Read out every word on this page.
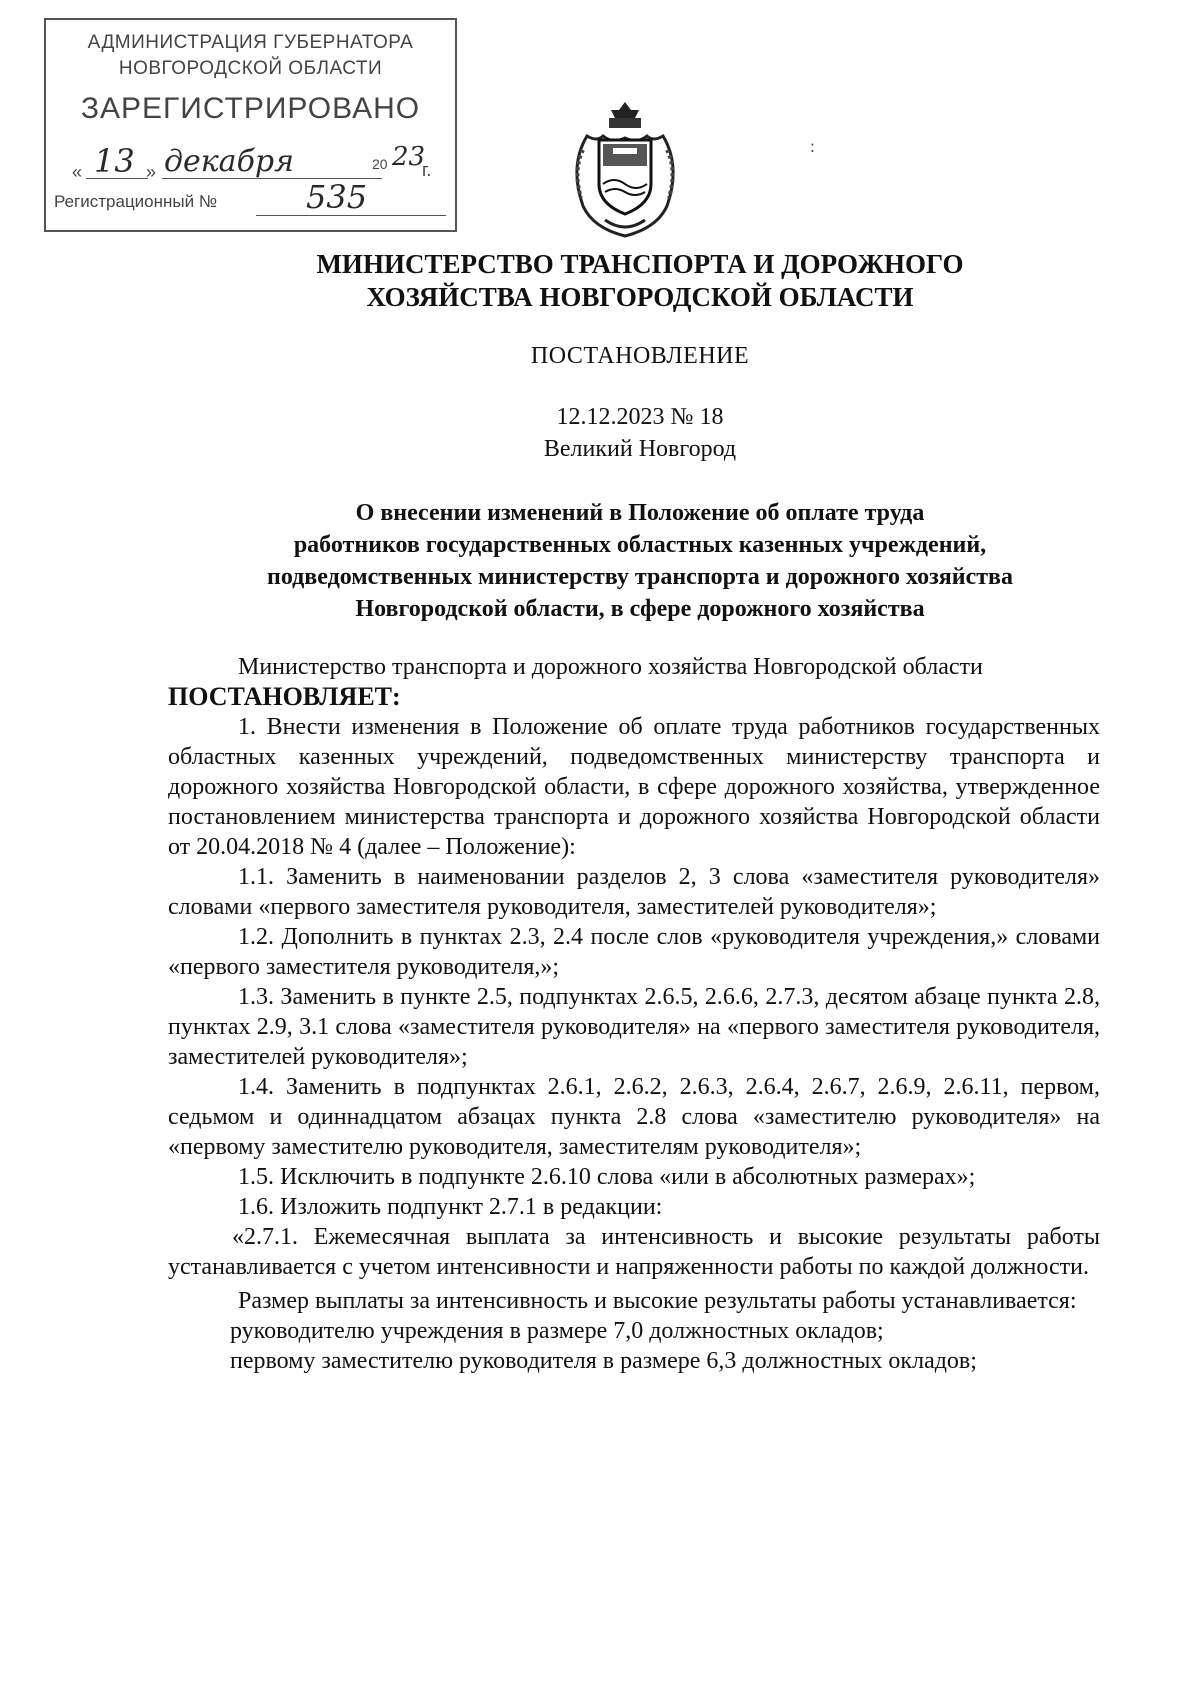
АДМИНИСТРАЦИЯ ГУБЕРНАТОРА
НОВГОРОДСКОЙ ОБЛАСТИ
ЗАРЕГИСТРИРОВАНО
« 13 » декабря	20 23
г.
Регистрационный №	535
:
МИНИСТЕРСТВО ТРАНСПОРТА И ДОРОЖНОГО
ХОЗЯЙСТВА НОВГОРОДСКОЙ ОБЛАСТИ
ПОСТАНОВЛЕНИЕ
12.12.2023 № 18
Великий Новгород
О внесении изменений в Положение об оплате труда
работников государственных областных казенных учреждений,
подведомственных министерству транспорта и дорожного хозяйства
Новгородской области, в сфере дорожного хозяйства

Министерство транспорта и дорожного хозяйства Новгородской области

ПОСТАНОВЛЯЕТ:

1. Внести изменения в Положение об оплате труда работников государственных областных казенных учреждений, подведомственных министерству транспорта и дорожного хозяйства Новгородской области, в сфере дорожного хозяйства, утвержденное постановлением министерства транспорта и дорожного хозяйства Новгородской области от 20.04.2018 № 4 (далее – Положение):

1.1. Заменить в наименовании разделов 2, 3 слова «заместителя руководителя» словами «первого заместителя руководителя, заместителей руководителя»;

1.2. Дополнить в пунктах 2.3, 2.4 после слов «руководителя учреждения,» словами «первого заместителя руководителя,»;

1.3. Заменить в пункте 2.5, подпунктах 2.6.5, 2.6.6, 2.7.3, десятом абзаце пункта 2.8, пунктах 2.9, 3.1 слова «заместителя руководителя» на «первого заместителя руководителя, заместителей руководителя»;

1.4. Заменить в подпунктах 2.6.1, 2.6.2, 2.6.3, 2.6.4, 2.6.7, 2.6.9, 2.6.11, первом, седьмом и одиннадцатом абзацах пункта 2.8 слова «заместителю руководителя» на «первому заместителю руководителя, заместителям руководителя»;

1.5. Исключить в подпункте 2.6.10 слова «или в абсолютных размерах»;

1.6. Изложить подпункт 2.7.1 в редакции:

«2.7.1. Ежемесячная выплата за интенсивность и высокие результаты работы устанавливается с учетом интенсивности и напряженности работы по каждой должности.

Размер выплаты за интенсивность и высокие результаты работы устанавливается:

руководителю учреждения в размере 7,0 должностных окладов;

первому заместителю руководителя в размере 6,3 должностных окладов;
